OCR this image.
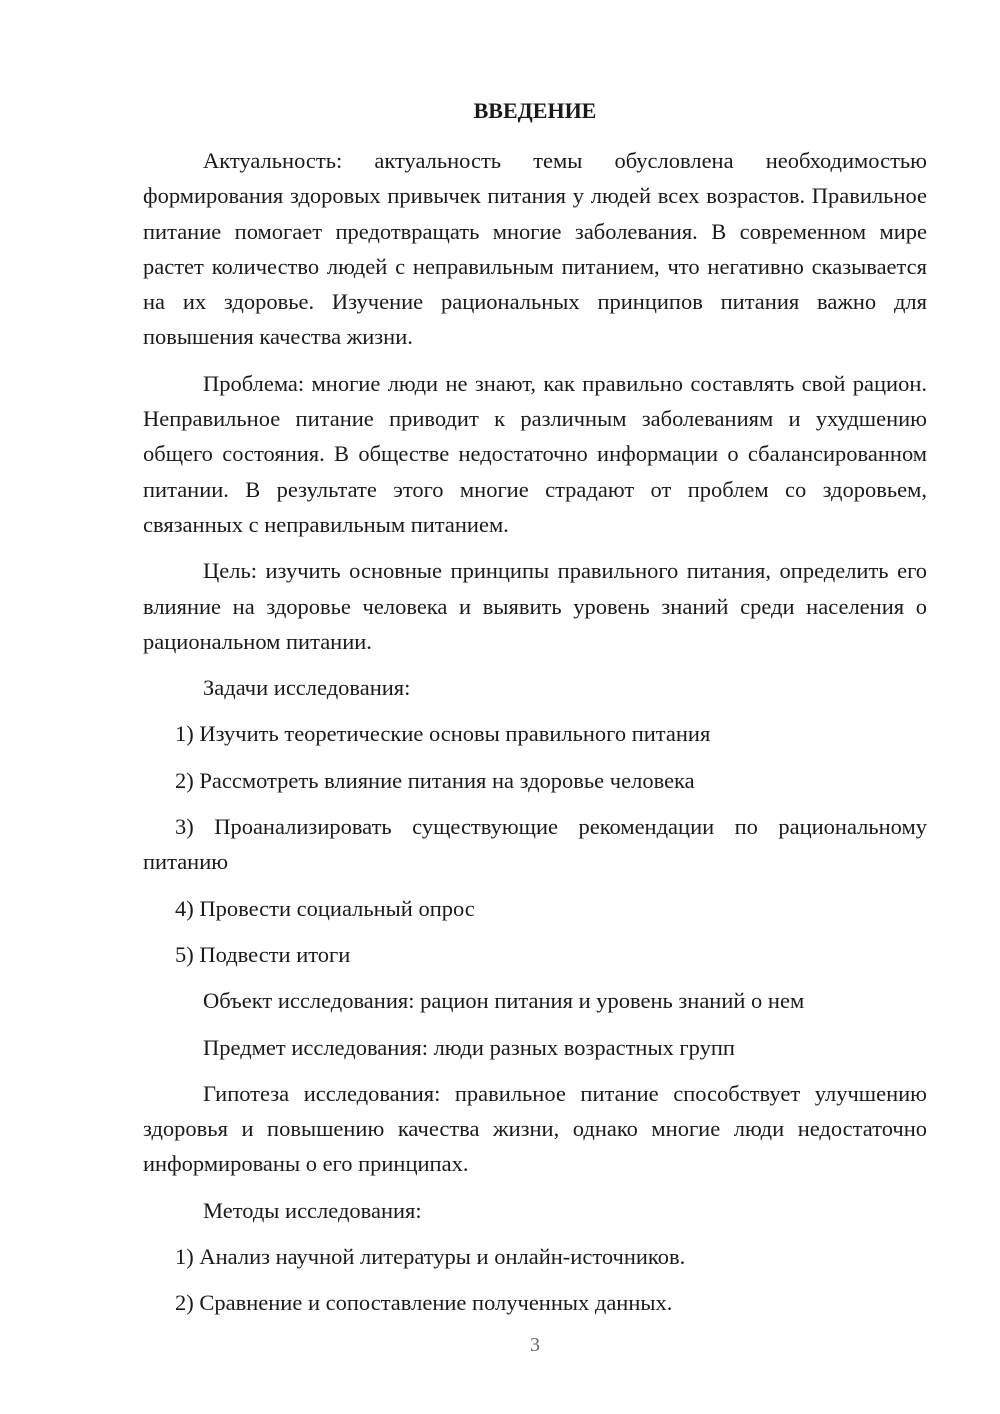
ВВЕДЕНИЕ

Актуальность: актуальность темы обусловлена необходимостью формирования здоровых привычек питания у людей всех возрастов. Правильное питание помогает предотвращать многие заболевания. В современном мире растет количество людей с неправильным питанием, что негативно сказывается на их здоровье. Изучение рациональных принципов питания важно для повышения качества жизни.

Проблема: многие люди не знают, как правильно составлять свой рацион. Неправильное питание приводит к различным заболеваниям и ухудшению общего состояния. В обществе недостаточно информации о сбалансированном питании. В результате этого многие страдают от проблем со здоровьем, связанных с неправильным питанием.

Цель: изучить основные принципы правильного питания, определить его влияние на здоровье человека и выявить уровень знаний среди населения о рациональном питании.

Задачи исследования:

1) Изучить теоретические основы правильного питания

2) Рассмотреть влияние питания на здоровье человека

3) Проанализировать существующие рекомендации по рациональному питанию

4) Провести социальный опрос

5) Подвести итоги

Объект исследования: рацион питания и уровень знаний о нем

Предмет исследования: люди разных возрастных групп

Гипотеза исследования: правильное питание способствует улучшению здоровья и повышению качества жизни, однако многие люди недостаточно информированы о его принципах.

Методы исследования:

1) Анализ научной литературы и онлайн-источников.

2) Сравнение и сопоставление полученных данных.

3
